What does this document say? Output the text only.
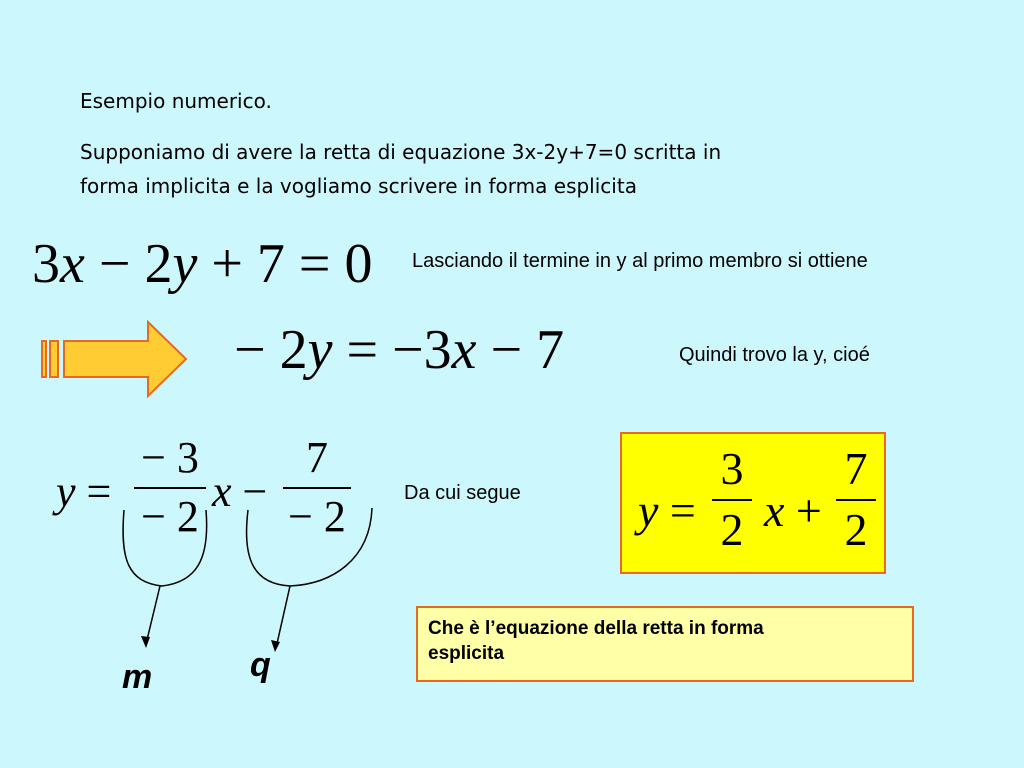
Esempio numerico.
Supponiamo di avere la retta di equazione 3x-2y+7=0 scritta in
forma implicita e la vogliamo scrivere in forma esplicita
3x − 2y + 7 = 0 Lasciando il termine in y al primo membro si ottiene
− 2y = −3x − 7	Quindi trovo la y, cioé
y =
− 3
− 2
x −
7
− 2
m	q
Da cui segue	y =
3
2 x +
7
2
Che è l’equazione della retta in forma
esplicita
